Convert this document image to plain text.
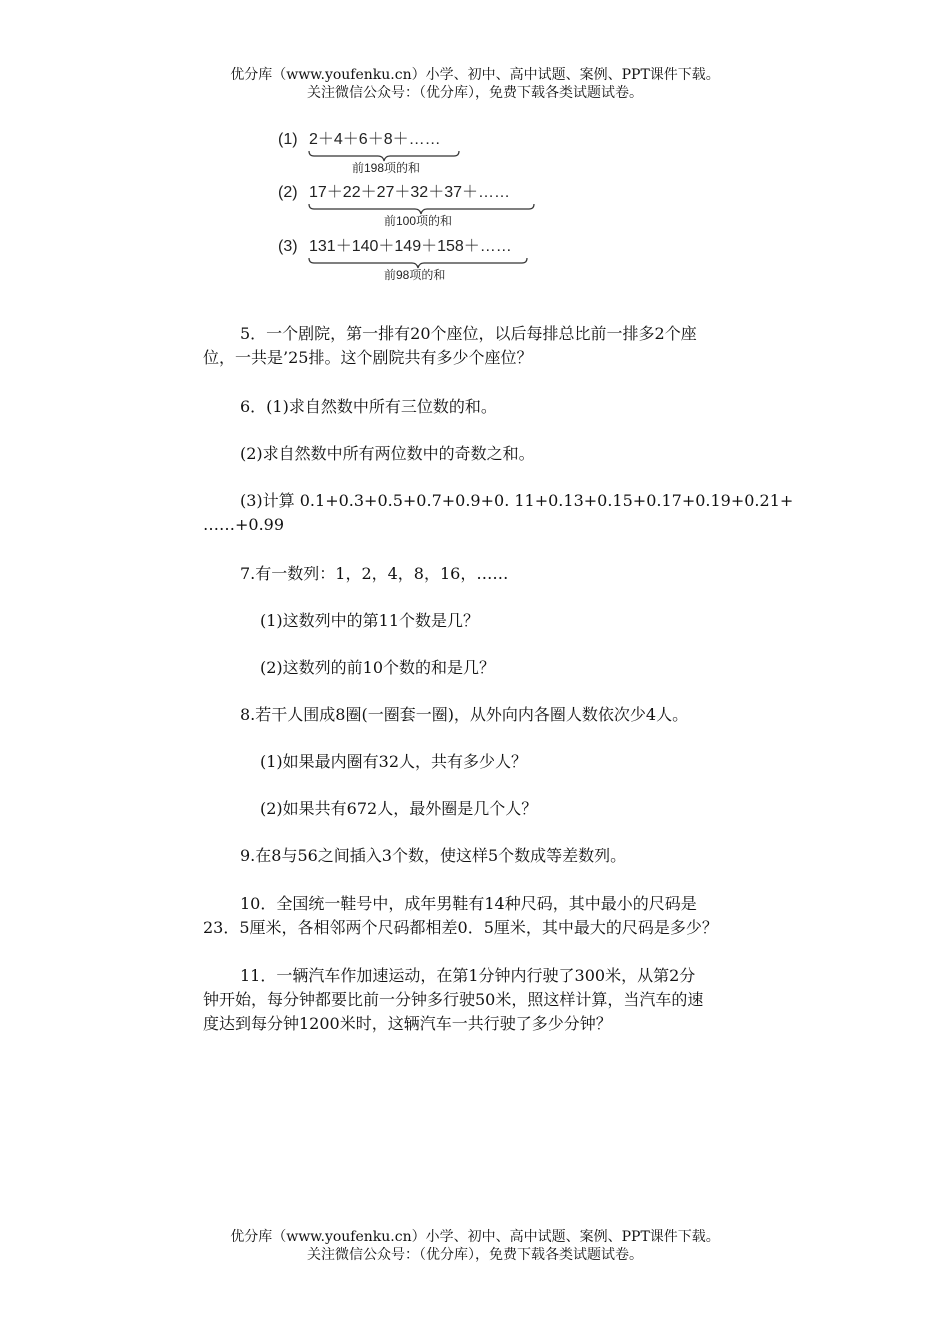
优分库（www.youfenku.cn）小学、初中、高中试题、案例、PPT课件下载。
关注微信公众号：（优分库），免费下载各类试题试卷。
(1) 2＋4＋6＋8＋……
前198项的和
(2) 17＋22＋27＋32＋37＋……
前100项的和
(3) 131＋140＋149＋158＋……
前98项的和
5．一个剧院，第一排有20个座位，以后每排总比前一排多2个座
位，一共是’25排。这个剧院共有多少个座位？
6．(1)求自然数中所有三位数的和。
(2)求自然数中所有两位数中的奇数之和。
(3)计算 0.1+0.3+0.5+0.7+0.9+0. 11+0.13+0.15+0.17+0.19+0.21+
……+0.99
7.有一数列：1，2，4，8，16，……
(1)这数列中的第11个数是几？
(2)这数列的前10个数的和是几？
8.若干人围成8圈(一圈套一圈)，从外向内各圈人数依次少4人。
(1)如果最内圈有32人，共有多少人？
(2)如果共有672人，最外圈是几个人？
9.在8与56之间插入3个数，使这样5个数成等差数列。
10．全国统一鞋号中，成年男鞋有14种尺码，其中最小的尺码是
23．5厘米，各相邻两个尺码都相差0．5厘米，其中最大的尺码是多少？
11．一辆汽车作加速运动，在第1分钟内行驶了300米，从第2分
钟开始，每分钟都要比前一分钟多行驶50米，照这样计算，当汽车的速
度达到每分钟1200米时，这辆汽车一共行驶了多少分钟？
优分库（www.youfenku.cn）小学、初中、高中试题、案例、PPT课件下载。
关注微信公众号：（优分库），免费下载各类试题试卷。
